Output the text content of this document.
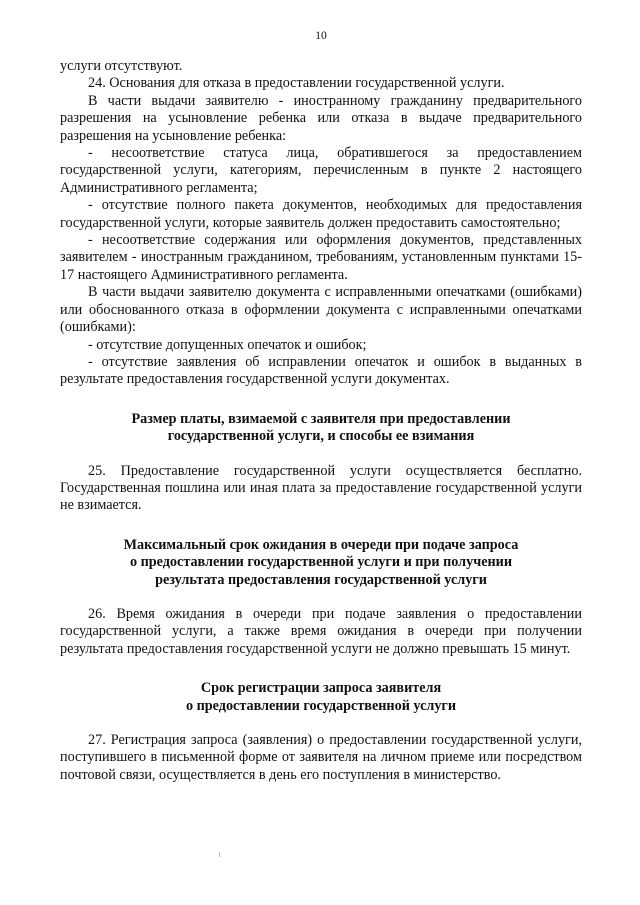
10

услуги отсутствуют.

24. Основания для отказа в предоставлении государственной услуги.

В части выдачи заявителю - иностранному гражданину предварительного разрешения на усыновление ребенка или отказа в выдаче предварительного разрешения на усыновление ребенка:

- несоответствие статуса лица, обратившегося за предоставлением государственной услуги, категориям, перечисленным в пункте 2 настоящего Административного регламента;

- отсутствие полного пакета документов, необходимых для предоставления государственной услуги, которые заявитель должен предоставить самостоятельно;

- несоответствие содержания или оформления документов, представленных заявителем - иностранным гражданином, требованиям, установленным пунктами 15-17 настоящего Административного регламента.

В части выдачи заявителю документа с исправленными опечатками (ошибками) или обоснованного отказа в оформлении документа с исправленными опечатками (ошибками):

- отсутствие допущенных опечаток и ошибок;

- отсутствие заявления об исправлении опечаток и ошибок в выданных в результате предоставления государственной услуги документах.

Размер платы, взимаемой с заявителя при предоставлении
государственной услуги, и способы ее взимания

25. Предоставление государственной услуги осуществляется бесплатно. Государственная пошлина или иная плата за предоставление государственной услуги не взимается.

Максимальный срок ожидания в очереди при подаче запроса
о предоставлении государственной услуги и при получении
результата предоставления государственной услуги

26. Время ожидания в очереди при подаче заявления о предоставлении государственной услуги, а также время ожидания в очереди при получении результата предоставления государственной услуги не должно превышать 15 минут.

Срок регистрации запроса заявителя
о предоставлении государственной услуги

27. Регистрация запроса (заявления) о предоставлении государственной услуги, поступившего в письменной форме от заявителя на личном приеме или посредством почтовой связи, осуществляется в день его поступления в министерство.
